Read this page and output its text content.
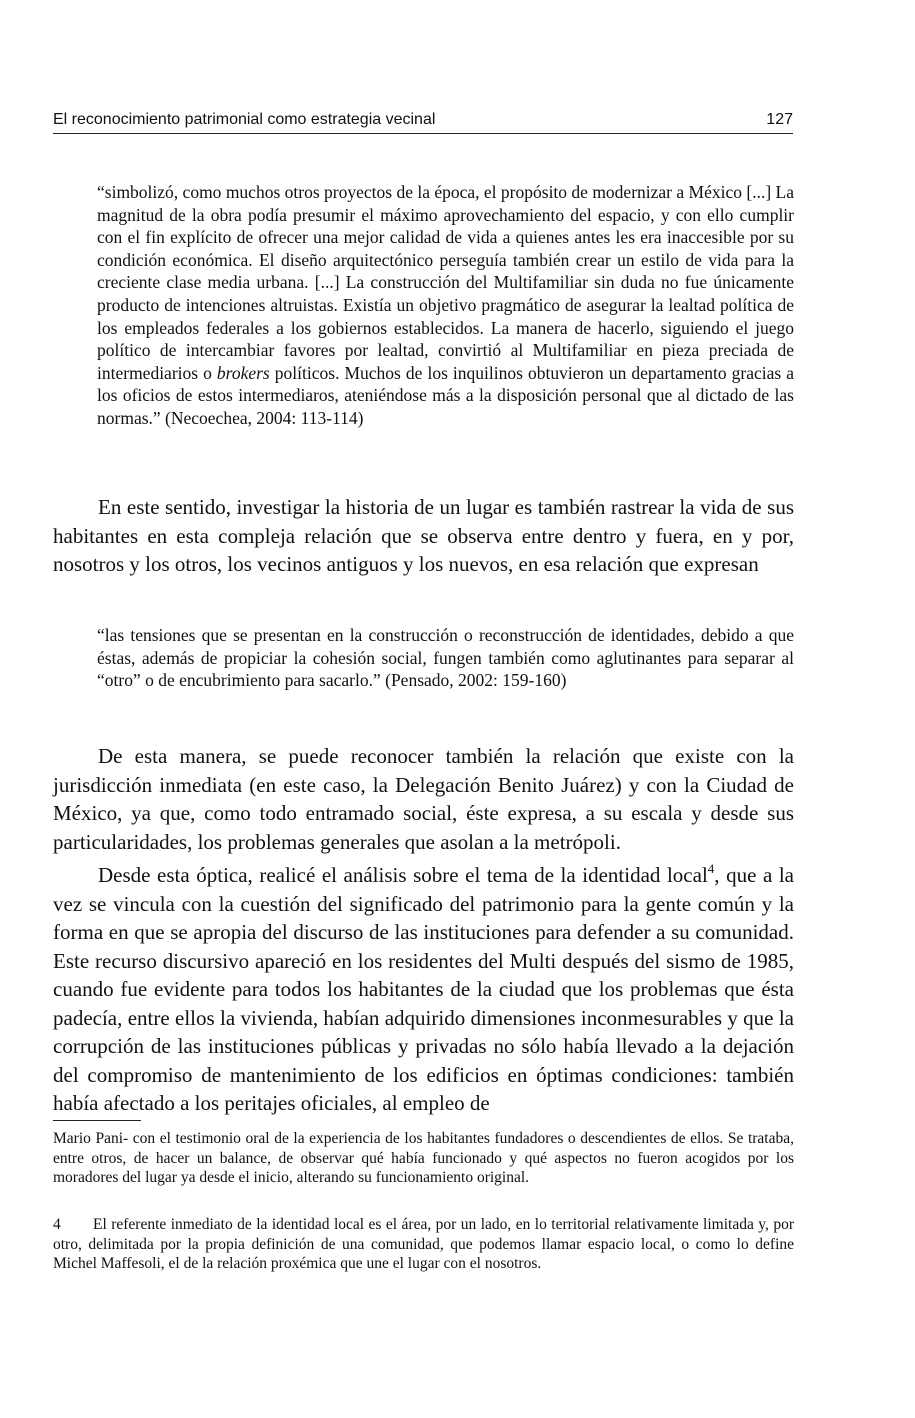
El reconocimiento patrimonial como estrategia vecinal	127

“simbolizó, como muchos otros proyectos de la época, el propósito de modernizar a México [...] La magnitud de la obra podía presumir el máximo aprovechamiento del espacio, y con ello cumplir con el fin explícito de ofrecer una mejor calidad de vida a quienes antes les era inaccesible por su condición económica. El diseño arquitectónico perseguía también crear un estilo de vida para la creciente clase media urbana. [...] La construcción del Multifamiliar sin duda no fue únicamente producto de intenciones altruistas. Existía un objetivo pragmático de asegurar la lealtad política de los empleados federales a los gobiernos establecidos. La manera de hacerlo, siguiendo el juego político de intercambiar favores por lealtad, convirtió al Multifamiliar en pieza preciada de intermediarios o brokers políticos. Muchos de los inquilinos obtuvieron un departamento gracias a los oficios de estos intermediaros, ateniéndose más a la disposición personal que al dictado de las normas.” (Necoechea, 2004: 113-114)

En este sentido, investigar la historia de un lugar es también rastrear la vida de sus habitantes en esta compleja relación que se observa entre dentro y fuera, en y por, nosotros y los otros, los vecinos antiguos y los nuevos, en esa relación que expresan

“las tensiones que se presentan en la construcción o reconstrucción de identidades, debido a que éstas, además de propiciar la cohesión social, fungen también como aglutinantes para separar al “otro” o de encubrimiento para sacarlo.” (Pensado, 2002: 159-160)

De esta manera, se puede reconocer también la relación que existe con la jurisdicción inmediata (en este caso, la Delegación Benito Juárez) y con la Ciudad de México, ya que, como todo entramado social, éste expresa, a su escala y desde sus particularidades, los problemas generales que asolan a la metrópoli.

Desde esta óptica, realicé el análisis sobre el tema de la identidad local$^4$, que a la vez se vincula con la cuestión del significado del patrimonio para la gente común y la forma en que se apropia del discurso de las instituciones para defender a su comunidad. Este recurso discursivo apareció en los residentes del Multi después del sismo de 1985, cuando fue evidente para todos los habitantes de la ciudad que los problemas que ésta padecía, entre ellos la vivienda, habían adquirido dimensiones inconmesurables y que la corrupción de las instituciones públicas y privadas no sólo había llevado a la dejación del compromiso de mantenimiento de los edificios en óptimas condiciones: también había afectado a los peritajes oficiales, al empleo de

Mario Pani- con el testimonio oral de la experiencia de los habitantes fundadores o descendientes de ellos. Se trataba, entre otros, de hacer un balance, de observar qué había funcionado y qué aspectos no fueron acogidos por los moradores del lugar ya desde el inicio, alterando su funcionamiento original.

4 El referente inmediato de la identidad local es el área, por un lado, en lo territorial relativamente limitada y, por otro, delimitada por la propia definición de una comunidad, que podemos llamar espacio local, o como lo define Michel Maffesoli, el de la relación proxémica que une el lugar con el nosotros.
